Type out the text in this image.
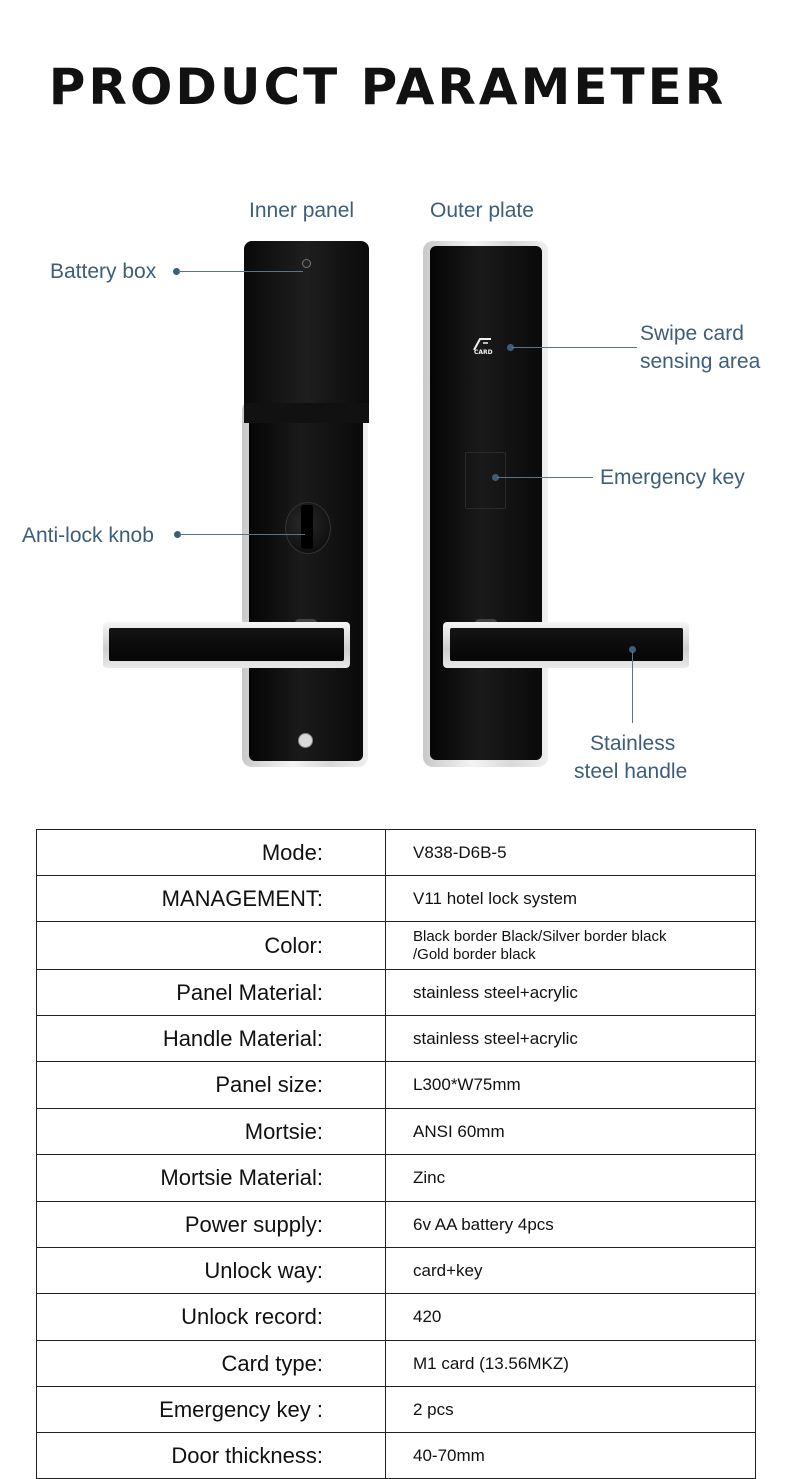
PRODUCT PARAMETER
Inner panel	Outer plate
CARD
Battery box
Anti-lock knob
Swipe card
sensing area
Emergency key
Stainless
steel handle
Mode:	V838-D6B-5
MANAGEMENT:	V11 hotel lock system
Color:	Black border Black/Silver border black
/Gold border black

Panel Material:	stainless steel+acrylic
Handle Material:	stainless steel+acrylic
Panel size:	L300*W75mm
Mortsie:	ANSI 60mm
Mortsie Material:	Zinc
Power supply:	6v AA battery 4pcs
Unlock way:	card+key
Unlock record:	420
Card type:	M1 card (13.56MKZ)
Emergency key :	2 pcs
Door thickness:	40-70mm
